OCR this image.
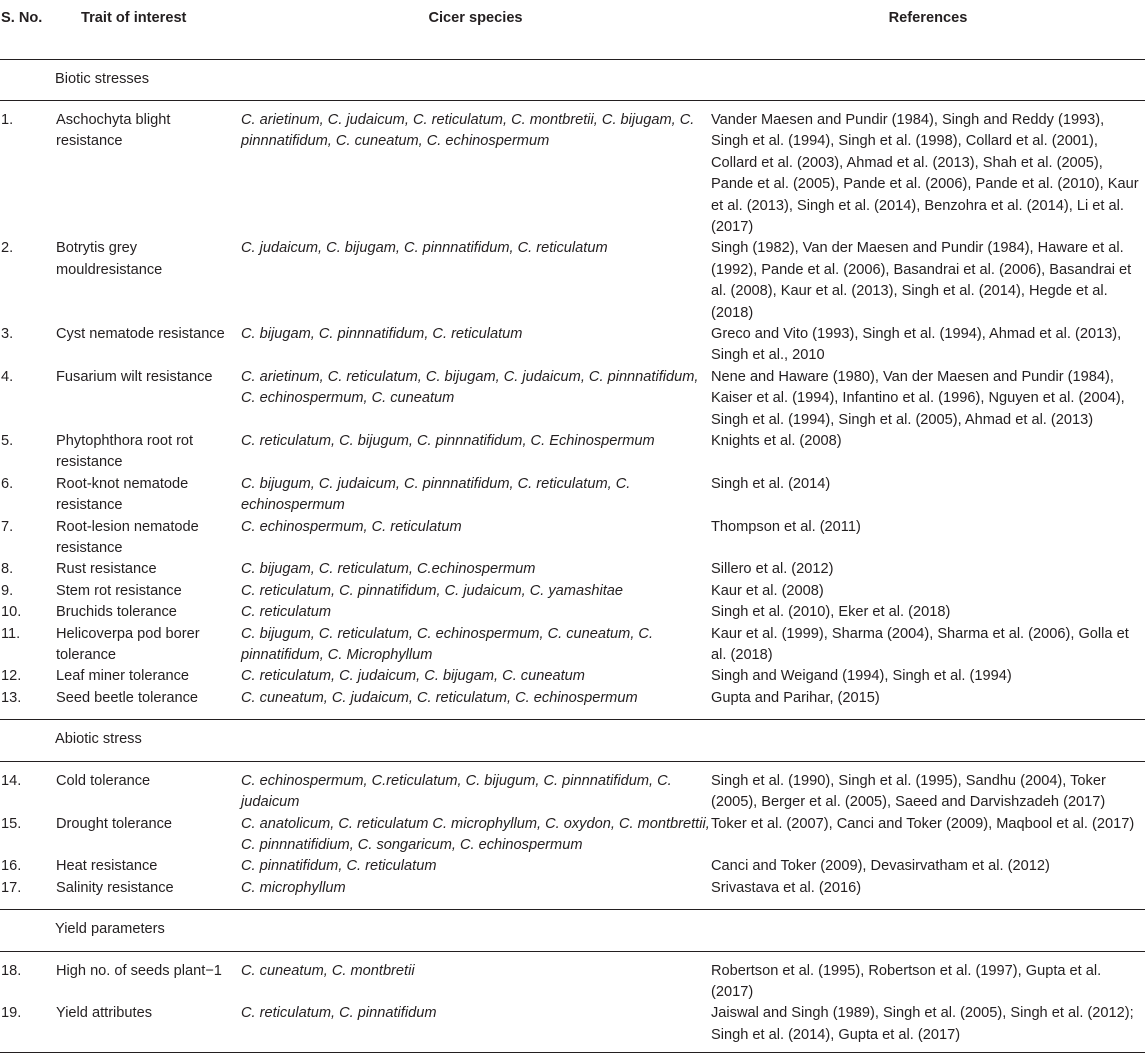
S. No.	Trait of interest	Cicer species	References
	Biotic stresses		
1.	Aschochyta blight resistance	C. arietinum, C. judaicum, C. reticulatum, C. montbretii, C. bijugam, C. pinnnatifidum, C. cuneatum, C. echinospermum	Vander Maesen and Pundir (1984), Singh and Reddy (1993), Singh et al. (1994), Singh et al. (1998), Collard et al. (2001), Collard et al. (2003), Ahmad et al. (2013), Shah et al. (2005), Pande et al. (2005), Pande et al. (2006), Pande et al. (2010), Kaur et al. (2013), Singh et al. (2014), Benzohra et al. (2014), Li et al. (2017)
2.	Botrytis grey mouldresistance	C. judaicum, C. bijugam, C. pinnnatifidum, C. reticulatum	Singh (1982), Van der Maesen and Pundir (1984), Haware et al. (1992), Pande et al. (2006), Basandrai et al. (2006), Basandrai et al. (2008), Kaur et al. (2013), Singh et al. (2014), Hegde et al. (2018)
3.	Cyst nematode resistance	C. bijugam, C. pinnnatifidum, C. reticulatum	Greco and Vito (1993), Singh et al. (1994), Ahmad et al. (2013), Singh et al., 2010
4.	Fusarium wilt resistance	C. arietinum, C. reticulatum, C. bijugam, C. judaicum, C. pinnnatifidum, C. echinospermum, C. cuneatum	Nene and Haware (1980), Van der Maesen and Pundir (1984), Kaiser et al. (1994), Infantino et al. (1996), Nguyen et al. (2004), Singh et al. (1994), Singh et al. (2005), Ahmad et al. (2013)
5.	Phytophthora root rot resistance	C. reticulatum, C. bijugum, C. pinnnatifidum, C. Echinospermum	Knights et al. (2008)
6.	Root-knot nematode resistance	C. bijugum, C. judaicum, C. pinnnatifidum, C. reticulatum, C. echinospermum	Singh et al. (2014)
7.	Root-lesion nematode resistance	C. echinospermum, C. reticulatum	Thompson et al. (2011)
8.	Rust resistance	C. bijugam, C. reticulatum, C.echinospermum	Sillero et al. (2012)
9.	Stem rot resistance	C. reticulatum, C. pinnatifidum, C. judaicum, C. yamashitae	Kaur et al. (2008)
10.	Bruchids tolerance	C. reticulatum	Singh et al. (2010), Eker et al. (2018)
11.	Helicoverpa pod borer tolerance	C. bijugum, C. reticulatum, C. echinospermum, C. cuneatum, C. pinnatifidum, C. Microphyllum	Kaur et al. (1999), Sharma (2004), Sharma et al. (2006), Golla et al. (2018)
12.	Leaf miner tolerance	C. reticulatum, C. judaicum, C. bijugam, C. cuneatum	Singh and Weigand (1994), Singh et al. (1994)
13.	Seed beetle tolerance	C. cuneatum, C. judaicum, C. reticulatum, C. echinospermum	Gupta and Parihar, (2015)
	Abiotic stress		
14.	Cold tolerance	C. echinospermum, C.reticulatum, C. bijugum, C. pinnnatifidum, C. judaicum	Singh et al. (1990), Singh et al. (1995), Sandhu (2004), Toker (2005), Berger et al. (2005), Saeed and Darvishzadeh (2017)
15.	Drought tolerance	C. anatolicum, C. reticulatum C. microphyllum, C. oxydon, C. montbrettii, C. pinnnatifidium, C. songaricum, C. echinospermum	Toker et al. (2007), Canci and Toker (2009), Maqbool et al. (2017)
16.	Heat resistance	C. pinnatifidum, C. reticulatum	Canci and Toker (2009), Devasirvatham et al. (2012)
17.	Salinity resistance	C. microphyllum	Srivastava et al. (2016)
	Yield parameters		
18.	High no. of seeds plant−1	C. cuneatum, C. montbretii	Robertson et al. (1995), Robertson et al. (1997), Gupta et al. (2017)
19.	Yield attributes	C. reticulatum, C. pinnatifidum	Jaiswal and Singh (1989), Singh et al. (2005), Singh et al. (2012); Singh et al. (2014), Gupta et al. (2017)
